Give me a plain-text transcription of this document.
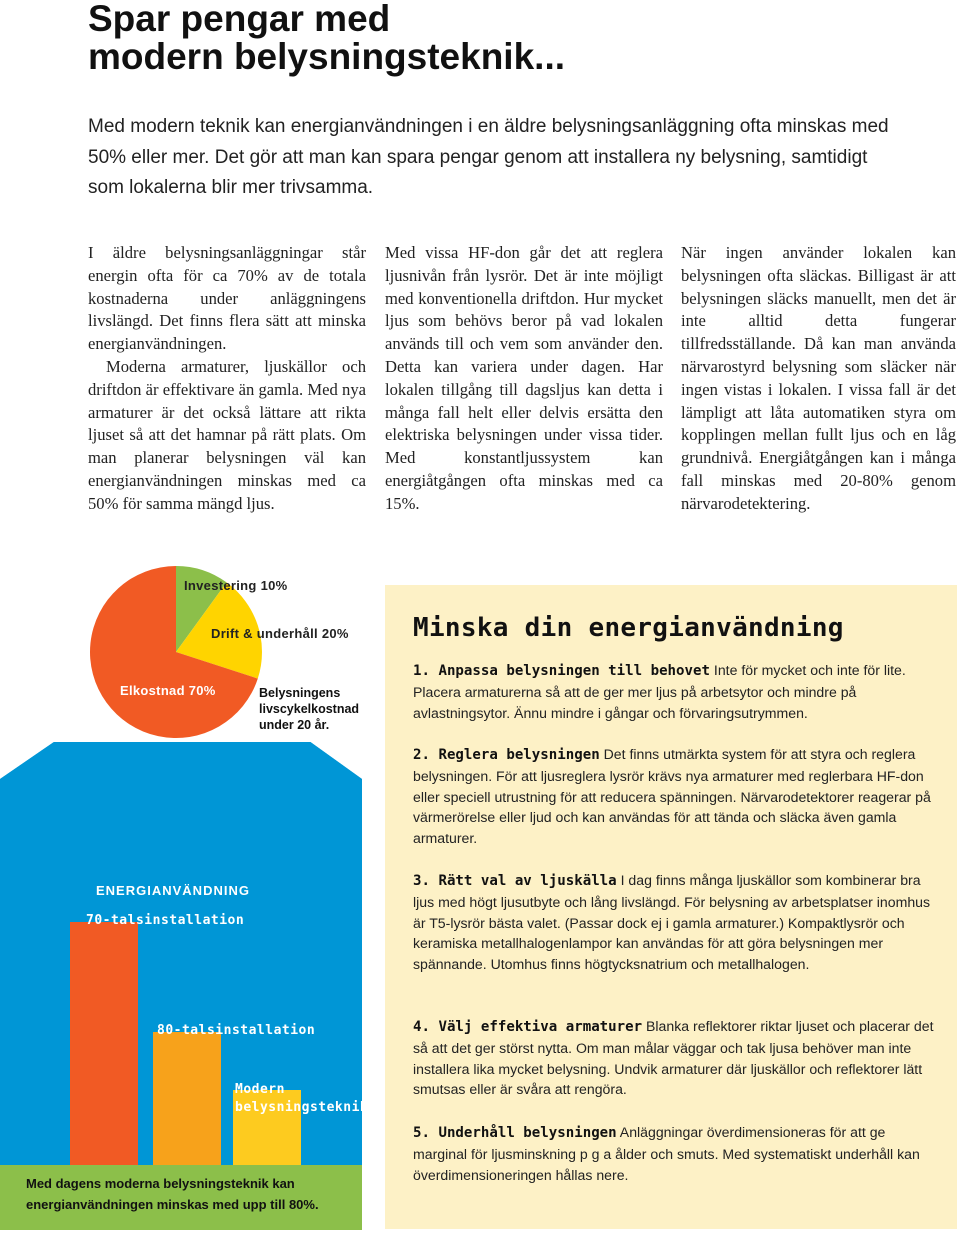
Spar pengar med
modern belysningsteknik...

Med modern teknik kan energianvändningen i en äldre belysningsanläggning ofta minskas med 50% eller mer. Det gör att man kan spara pengar genom att installera ny belysning, samtidigt som lokalerna blir mer trivsamma.

I äldre belysningsanläggningar står energin ofta för ca 70% av de totala kostnaderna under anläggningens livslängd. Det finns flera sätt att minska energianvändningen.

Moderna armaturer, ljuskällor och driftdon är effektivare än gamla. Med nya armaturer är det också lättare att rikta ljuset så att det hamnar på rätt plats. Om man planerar belysningen väl kan energianvändningen minskas med ca 50% för samma mängd ljus.

Med vissa HF-don går det att reglera ljusnivån från lysrör. Det är inte möjligt med konventionella driftdon. Hur mycket ljus som behövs beror på vad lokalen används till och vem som använder den. Detta kan variera under dagen. Har lokalen tillgång till dagsljus kan detta i många fall helt eller delvis ersätta den elektriska belysningen under vissa tider. Med konstantljussystem kan energiåtgången ofta minskas med ca 15%.

När ingen använder lokalen kan belysningen ofta släckas. Billigast är att belysningen släcks manuellt, men det är inte alltid detta fungerar tillfredsställande. Då kan man använda närvarostyrd belysning som släcker när ingen vistas i lokalen. I vissa fall är det lämpligt att låta automatiken styra om kopplingen mellan fullt ljus och en låg grundnivå. Energiåtgången kan i många fall minskas med 20-80% genom närvarodetektering.

Investering 10%
Drift & underhåll 20%
Elkostnad 70%	Belysningens livscykelkostnad under 20 år.
ENERGIANVÄNDNING
70-talsinstallation
80-talsinstallation
Modern belysningsteknik
Med dagens moderna belysningsteknik kan energianvändningen minskas med upp till 80%.
Minska din energianvändning

1. Anpassa belysningen till behovet Inte för mycket och inte för lite. Placera armaturerna så att de ger mer ljus på arbetsytor och mindre på avlastningsytor. Ännu mindre i gångar och förvaringsutrymmen.

2. Reglera belysningen Det finns utmärkta system för att styra och reglera belysningen. För att ljusreglera lysrör krävs nya armaturer med reglerbara HF-don eller speciell utrustning för att reducera spänningen. Närvarodetektorer reagerar på värmerörelse eller ljud och kan användas för att tända och släcka även gamla armaturer.

3. Rätt val av ljuskälla I dag finns många ljuskällor som kombinerar bra ljus med högt ljusutbyte och lång livslängd. För belysning av arbetsplatser inomhus är T5-lysrör bästa valet. (Passar dock ej i gamla armaturer.) Kompaktlysrör och keramiska metallhalogenlampor kan användas för att göra belysningen mer spännande. Utomhus finns högtycksnatrium och metallhalogen.

4. Välj effektiva armaturer Blanka reflektorer riktar ljuset och placerar det så att det ger störst nytta. Om man målar väggar och tak ljusa behöver man inte installera lika mycket belysning. Undvik armaturer där ljuskällor och reflektorer lätt smutsas eller är svåra att rengöra.

5. Underhåll belysningen Anläggningar överdimensioneras för att ge marginal för ljusminskning p g a ålder och smuts. Med systematiskt underhåll kan överdimensioneringen hållas nere.
